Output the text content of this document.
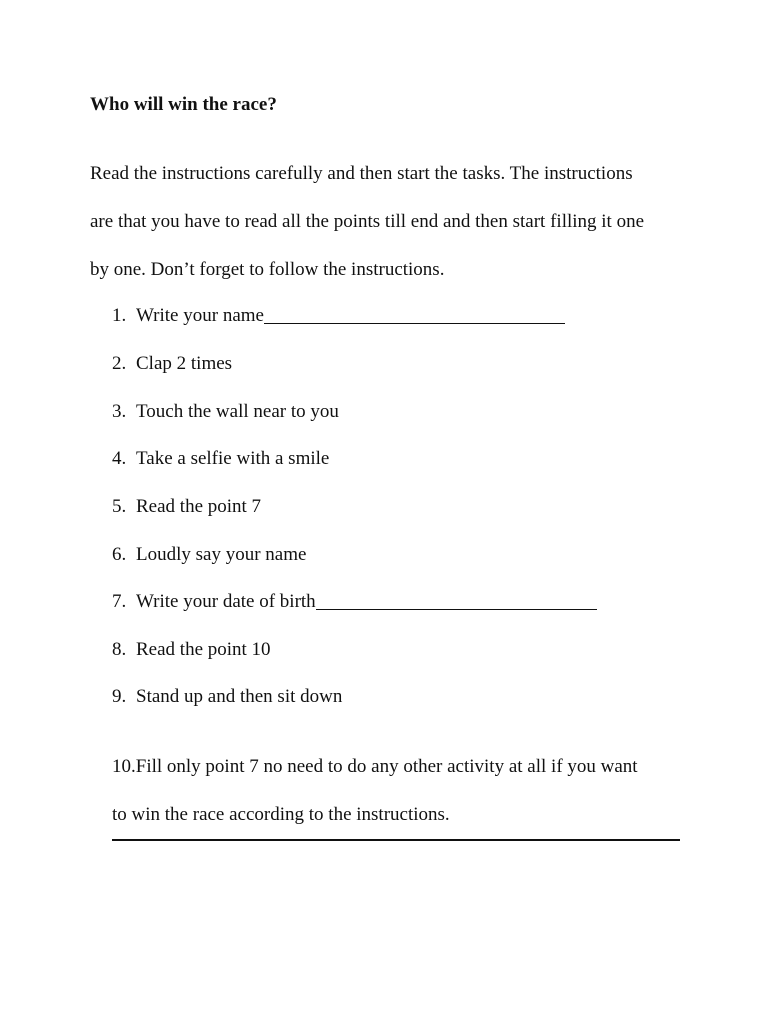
Who will win the race?
Read the instructions carefully and then start the tasks. The instructions
are that you have to read all the points till end and then start filling it one
by one. Don’t forget to follow the instructions.
1. Write your name
2. Clap 2 times
3. Touch the wall near to you
4. Take a selfie with a smile
5. Read the point 7
6. Loudly say your name
7. Write your date of birth
8. Read the point 10
9. Stand up and then sit down
10.Fill only point 7 no need to do any other activity at all if you want
to win the race according to the instructions.
